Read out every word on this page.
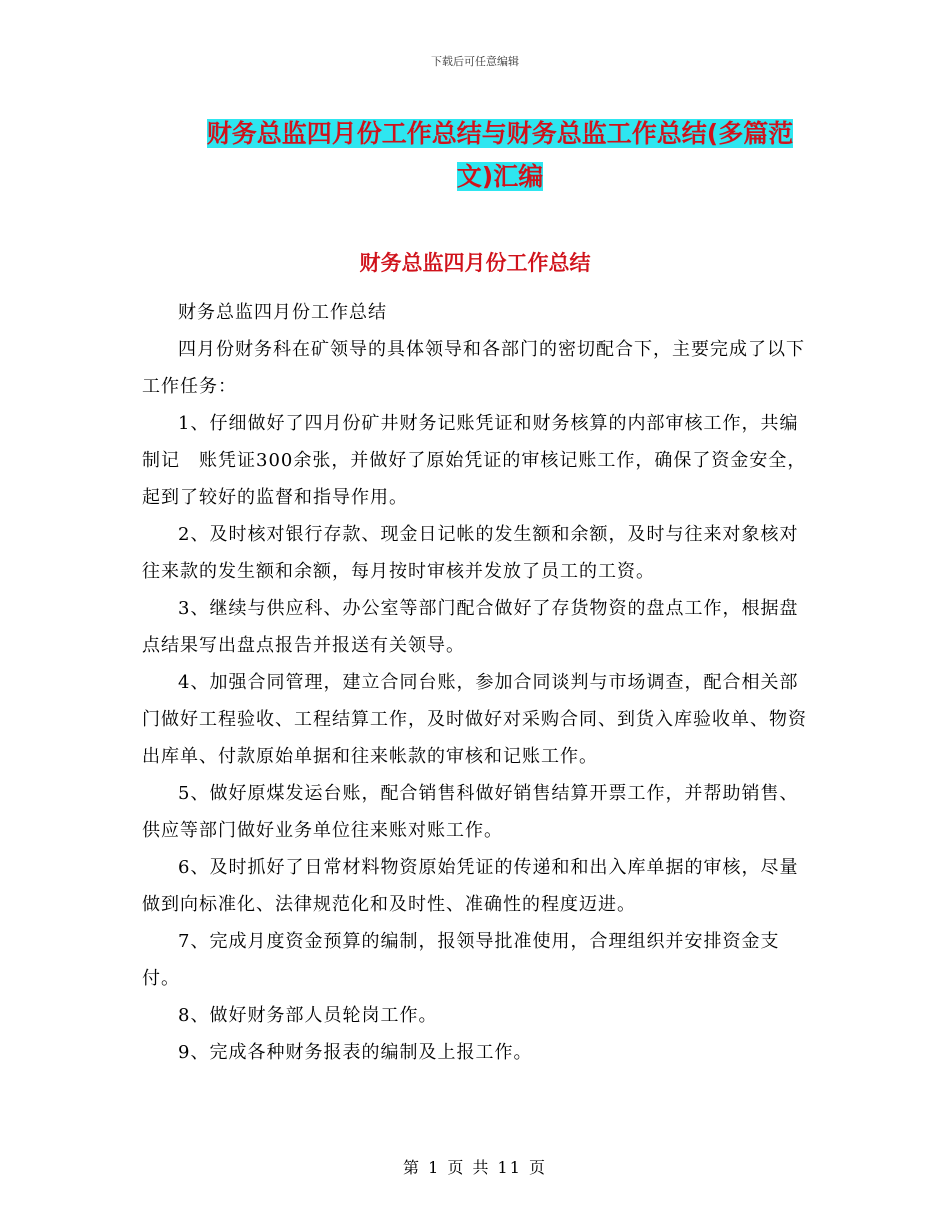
下载后可任意编辑
财务总监四月份工作总结与财务总监工作总结(多篇范
文)汇编
财务总监四月份工作总结

财务总监四月份工作总结

四月份财务科在矿领导的具体领导和各部门的密切配合下，主要完成了以下工作任务：

1、仔细做好了四月份矿井财务记账凭证和财务核算的内部审核工作，共编制记　账凭证300余张，并做好了原始凭证的审核记账工作，确保了资金安全，起到了较好的监督和指导作用。

2、及时核对银行存款、现金日记帐的发生额和余额，及时与往来对象核对往来款的发生额和余额，每月按时审核并发放了员工的工资。

3、继续与供应科、办公室等部门配合做好了存货物资的盘点工作，根据盘点结果写出盘点报告并报送有关领导。

4、加强合同管理，建立合同台账，参加合同谈判与市场调查，配合相关部门做好工程验收、工程结算工作，及时做好对采购合同、到货入库验收单、物资出库单、付款原始单据和往来帐款的审核和记账工作。

5、做好原煤发运台账，配合销售科做好销售结算开票工作，并帮助销售、供应等部门做好业务单位往来账对账工作。

6、及时抓好了日常材料物资原始凭证的传递和和出入库单据的审核，尽量做到向标准化、法律规范化和及时性、准确性的程度迈进。

7、完成月度资金预算的编制，报领导批准使用，合理组织并安排资金支付。

8、做好财务部人员轮岗工作。

9、完成各种财务报表的编制及上报工作。

第 1 页 共 11 页
